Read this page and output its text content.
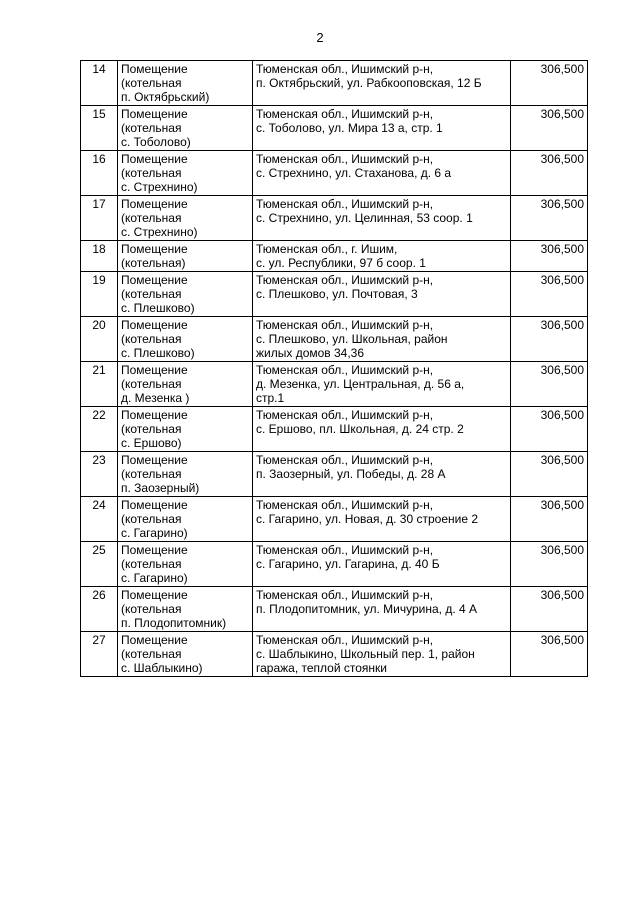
2
14	Помещение
(котельная
п. Октябрьский)	Тюменская обл., Ишимский р-н,
п. Октябрьский, ул. Рабкооповская, 12 Б	306,500
15	Помещение
(котельная
с. Тоболово)	Тюменская обл., Ишимский р-н,
с. Тоболово, ул. Мира 13 а, стр. 1	306,500
16	Помещение
(котельная
с. Стрехнино)	Тюменская обл., Ишимский р-н,
с. Стрехнино, ул. Стаханова, д. 6 а	306,500
17	Помещение
(котельная
с. Стрехнино)	Тюменская обл., Ишимский р-н,
с. Стрехнино, ул. Целинная, 53 соор. 1	306,500
18	Помещение
(котельная)	Тюменская обл., г. Ишим,
с. ул. Республики, 97 б соор. 1	306,500
19	Помещение
(котельная
с. Плешково)	Тюменская обл., Ишимский р-н,
с. Плешково, ул. Почтовая, 3	306,500
20	Помещение
(котельная
с. Плешково)	Тюменская обл., Ишимский р-н,
с. Плешково, ул. Школьная, район
жилых домов 34,36	306,500
21	Помещение
(котельная
д. Мезенка )	Тюменская обл., Ишимский р-н,
д. Мезенка, ул. Центральная, д. 56 а,
стр.1	306,500
22	Помещение
(котельная
с. Ершово)	Тюменская обл., Ишимский р-н,
с. Ершово, пл. Школьная, д. 24 стр. 2	306,500
23	Помещение
(котельная
п. Заозерный)	Тюменская обл., Ишимский р-н,
п. Заозерный, ул. Победы, д. 28 А	306,500
24	Помещение
(котельная
с. Гагарино)	Тюменская обл., Ишимский р-н,
с. Гагарино, ул. Новая, д. 30 строение 2	306,500
25	Помещение
(котельная
с. Гагарино)	Тюменская обл., Ишимский р-н,
с. Гагарино, ул. Гагарина, д. 40 Б	306,500
26	Помещение
(котельная
п. Плодопитомник)	Тюменская обл., Ишимский р-н,
п. Плодопитомник, ул. Мичурина, д. 4 А	306,500
27	Помещение
(котельная
с. Шаблыкино)	Тюменская обл., Ишимский р-н,
с. Шаблыкино, Школьный пер. 1, район
гаража, теплой стоянки	306,500
